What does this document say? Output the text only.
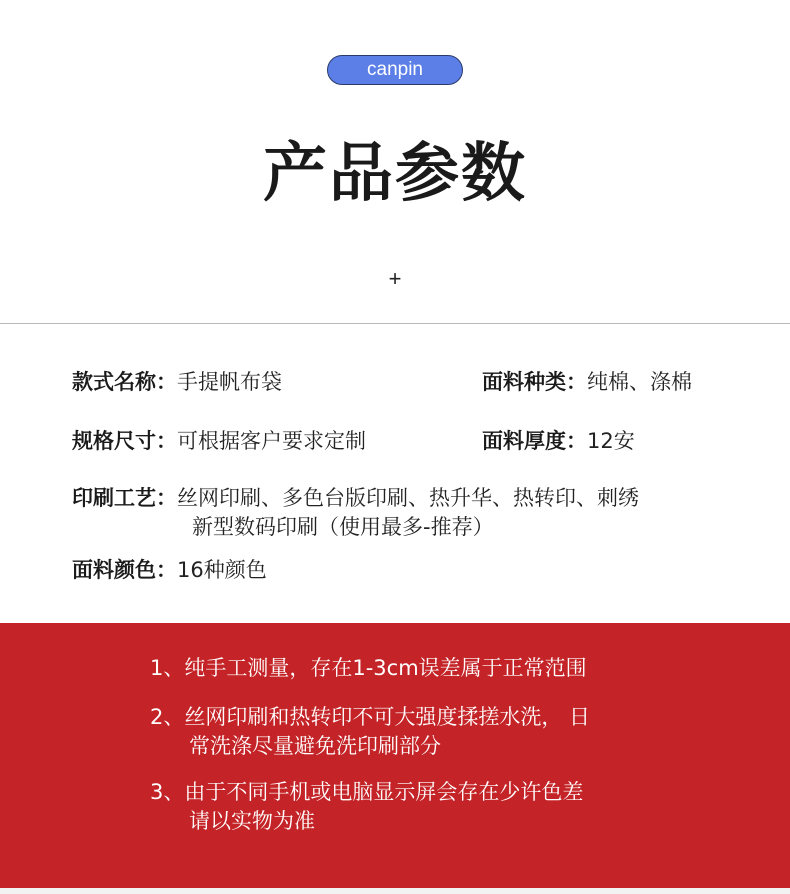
canpin
产品参数
+
款式名称：手提帆布袋	面料种类：纯棉、涤棉
规格尺寸：可根据客户要求定制	面料厚度：12安
印刷工艺：丝网印刷、多色台版印刷、热升华、热转印、刺绣
新型数码印刷（使用最多-推荐）
面料颜色：16种颜色
1、纯手工测量，存在1-3cm误差属于正常范围
2、丝网印刷和热转印不可大强度揉搓水洗， 日
常洗涤尽量避免洗印刷部分
3、由于不同手机或电脑显示屏会存在少许色差
请以实物为准
